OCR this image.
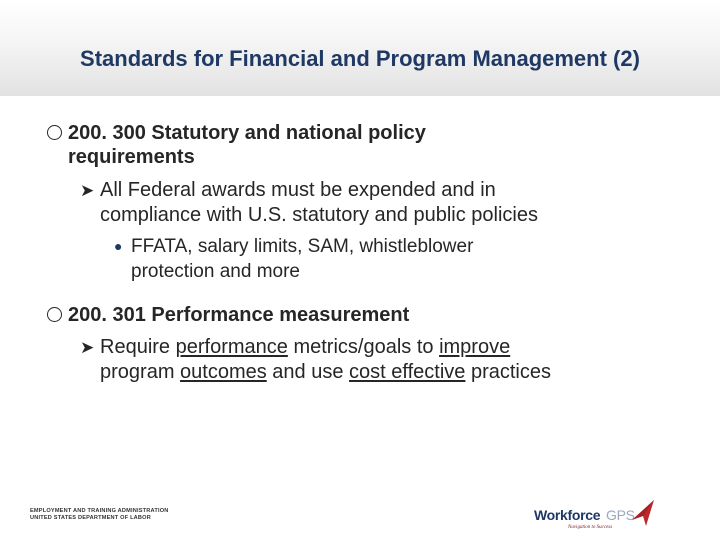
Standards for Financial and Program Management (2)

200. 300 Statutory and national policy

requirements

➤ All Federal awards must be expended and in

compliance with U.S. statutory and public policies

● FFATA, salary limits, SAM, whistleblower

protection and more

200. 301 Performance measurement

➤ Require performance metrics/goals to improve

program outcomes and use cost effective practices

EMPLOYMENT AND TRAINING ADMINISTRATION
UNITED STATES DEPARTMENT OF LABOR	Workforce GPS
Navigation to Success
